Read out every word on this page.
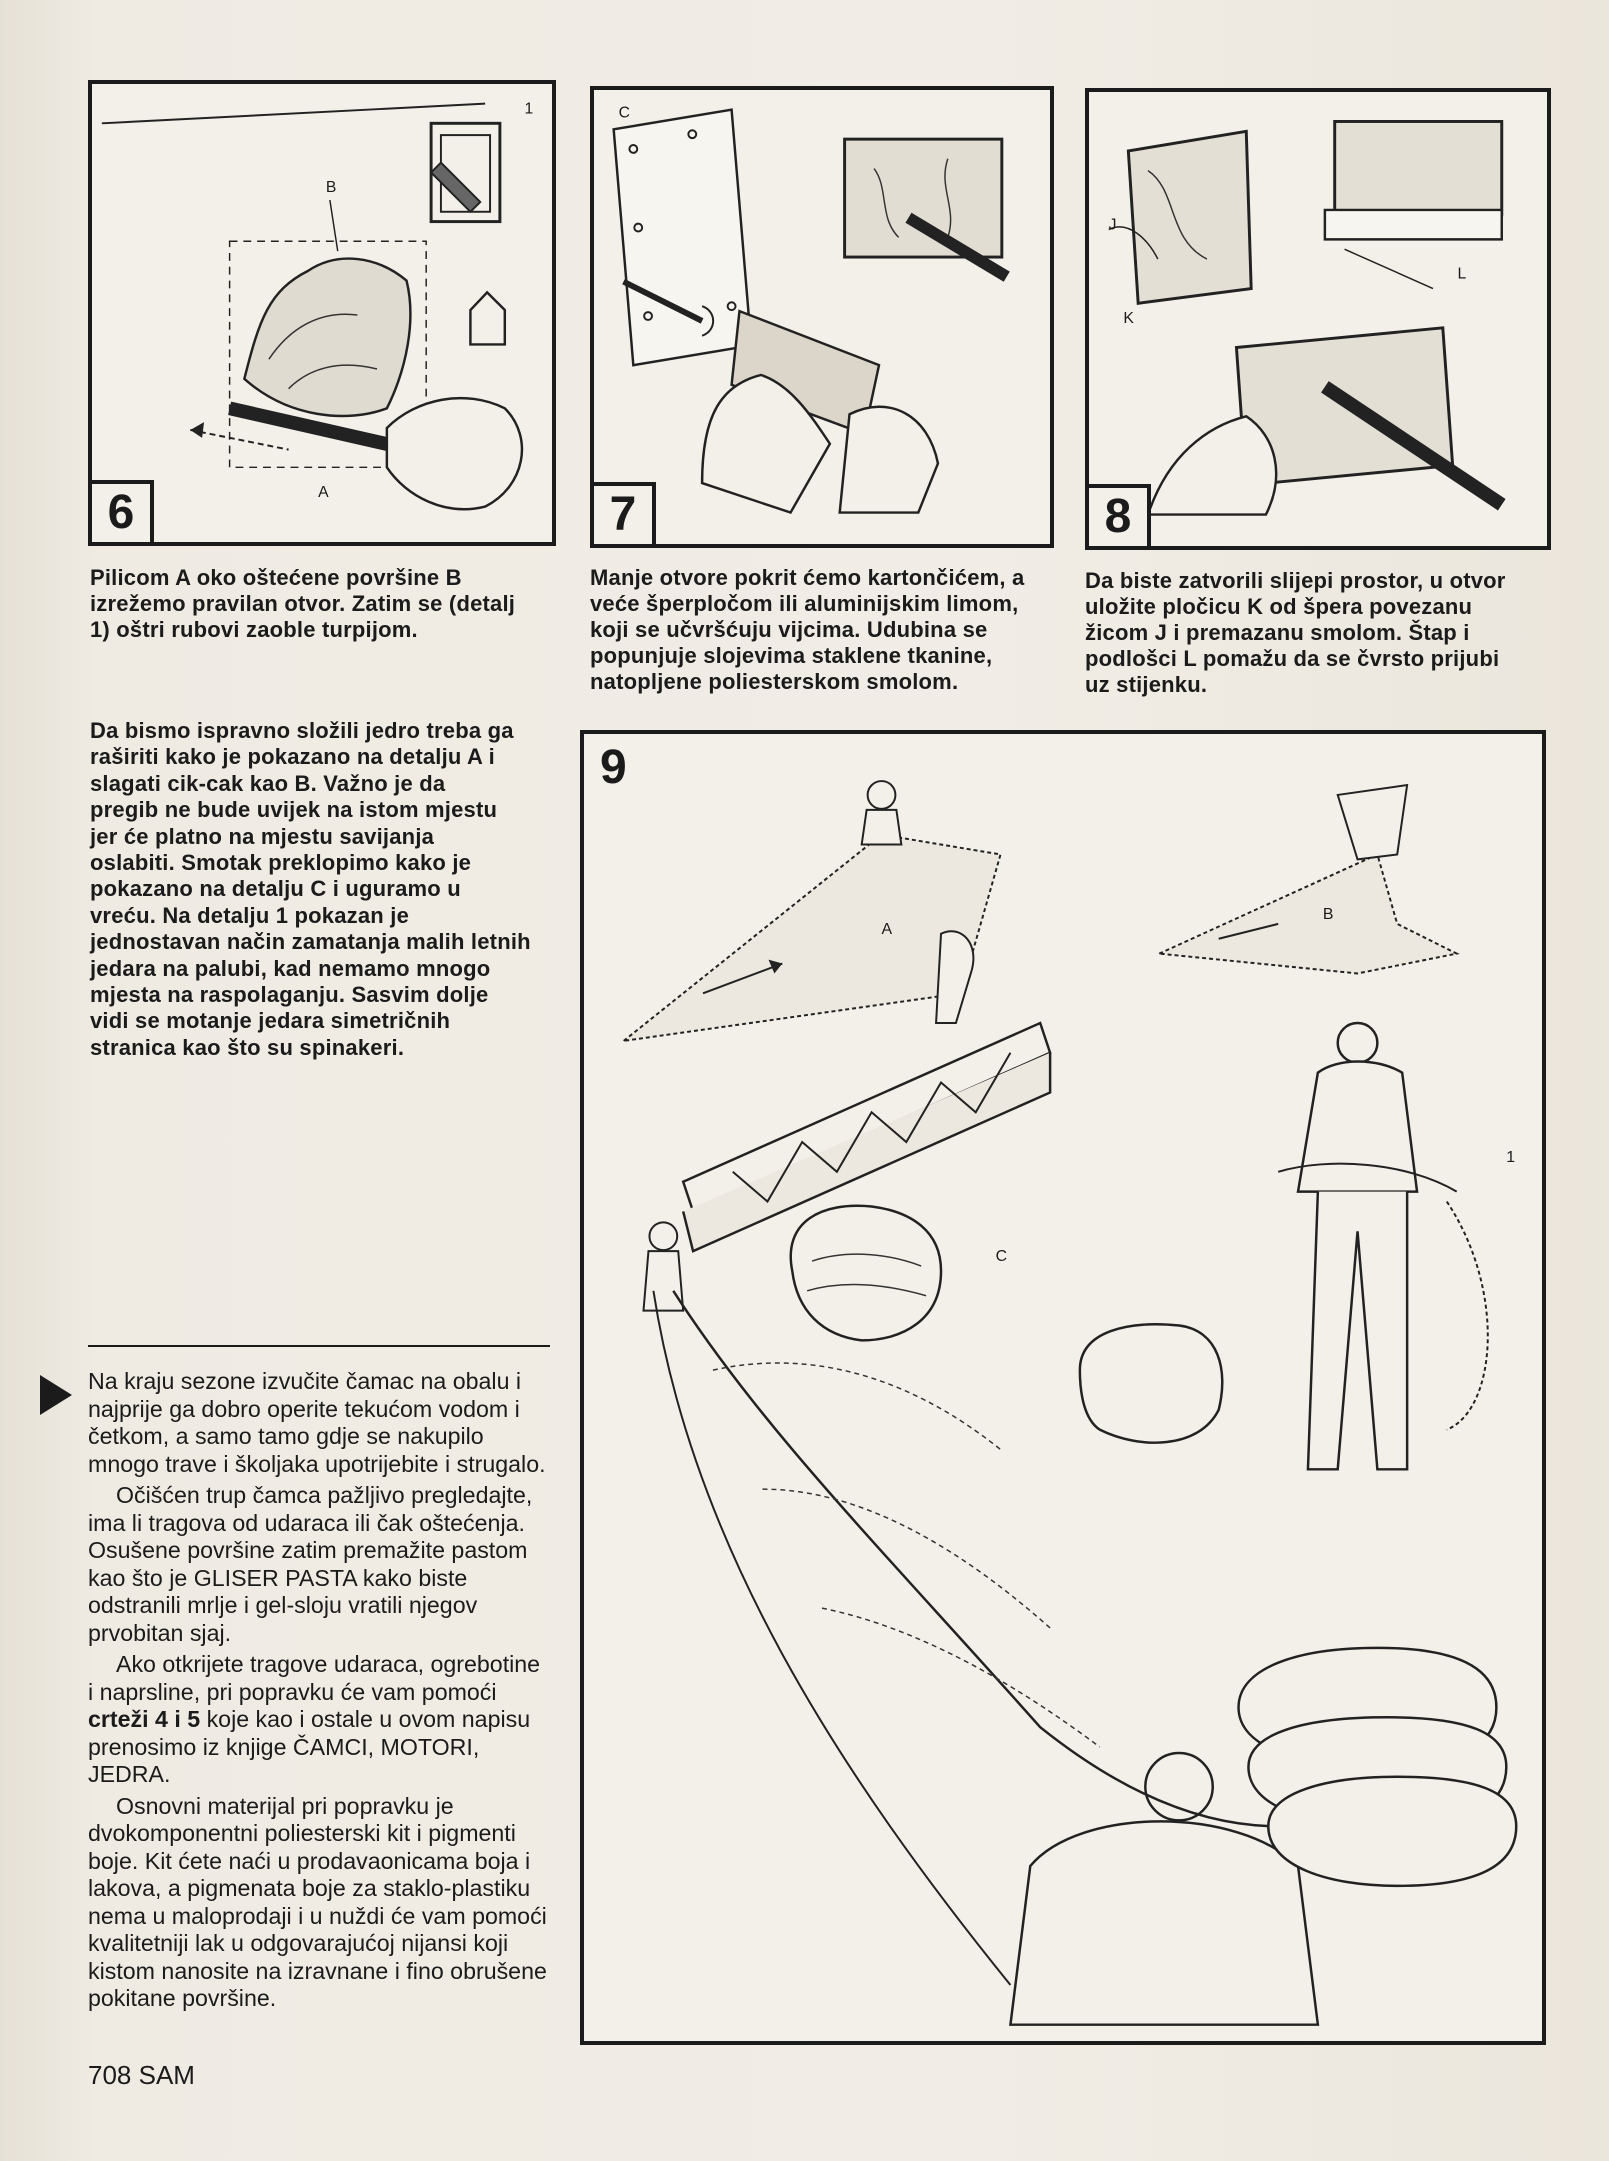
1
B
A
6
C
7
J
K
L
8
Pilicom A oko oštećene površine B
izrežemo pravilan otvor. Zatim se (detalj
1) oštri rubovi zaoble turpijom.
Manje otvore pokrit ćemo kartončićem, a
veće šperpločom ili aluminijskim limom,
koji se učvršćuju vijcima. Udubina se
popunjuje slojevima staklene tkanine,
natopljene poliesterskom smolom.
Da biste zatvorili slijepi prostor, u otvor
uložite pločicu K od špera povezanu
žicom J i premazanu smolom. Štap i
podlošci L pomažu da se čvrsto prijubi
uz stijenku.
Da bismo ispravno složili jedro treba ga
raširiti kako je pokazano na detalju A i
slagati cik-cak kao B. Važno je da
pregib ne bude uvijek na istom mjestu
jer će platno na mjestu savijanja
oslabiti. Smotak preklopimo kako je
pokazano na detalju C i uguramo u
vreću. Na detalju 1 pokazan je
jednostavan način zamatanja malih letnih
jedara na palubi, kad nemamo mnogo
mjesta na raspolaganju. Sasvim dolje
vidi se motanje jedara simetričnih
stranica kao što su spinakeri.
A
B
C
1
9

Na kraju sezone izvučite čamac na obalu i najprije ga dobro operite tekućom vodom i četkom, a samo tamo gdje se nakupilo mnogo trave i školjaka upotrijebite i strugalo.

Očišćen trup čamca pažljivo pregledajte, ima li tragova od udaraca ili čak oštećenja. Osušene površine zatim premažite pastom kao što je GLISER PASTA kako biste odstranili mrlje i gel-sloju vratili njegov prvobitan sjaj.

Ako otkrijete tragove udaraca, ogrebotine i naprsline, pri popravku će vam pomoći crteži 4 i 5 koje kao i ostale u ovom napisu prenosimo iz knjige ČAMCI, MOTORI, JEDRA.

Osnovni materijal pri popravku je dvokomponentni poliesterski kit i pigmenti boje. Kit ćete naći u prodavaonicama boja i lakova, a pigmenata boje za staklo-plastiku nema u maloprodaji i u nuždi će vam pomoći kvalitetniji lak u odgovarajućoj nijansi koji kistom nanosite na izravnane i fino obrušene pokitane površine.

708 SAM
